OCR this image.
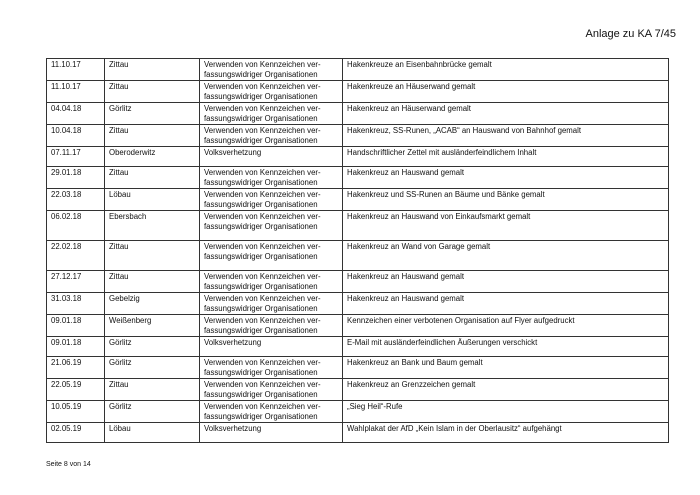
Anlage zu KA 7/45
11.10.17	Zittau	Verwenden von Kennzeichen ver-
fassungswidriger Organisationen	Hakenkreuze an Eisenbahnbrücke gemalt
11.10.17	Zittau	Verwenden von Kennzeichen ver-
fassungswidriger Organisationen	Hakenkreuze an Häuserwand gemalt
04.04.18	Görlitz	Verwenden von Kennzeichen ver-
fassungswidriger Organisationen	Hakenkreuz an Häuserwand gemalt
10.04.18	Zittau	Verwenden von Kennzeichen ver-
fassungswidriger Organisationen	Hakenkreuz, SS-Runen, „ACAB“ an Hauswand von Bahnhof gemalt
07.11.17	Oberoderwitz	Volksverhetzung	Handschriftlicher Zettel mit ausländerfeindlichem Inhalt
29.01.18	Zittau	Verwenden von Kennzeichen ver-
fassungswidriger Organisationen	Hakenkreuz an Hauswand gemalt
22.03.18	Löbau	Verwenden von Kennzeichen ver-
fassungswidriger Organisationen	Hakenkreuz und SS-Runen an Bäume und Bänke gemalt
06.02.18	Ebersbach	Verwenden von Kennzeichen ver-
fassungswidriger Organisationen	Hakenkreuz an Hauswand von Einkaufsmarkt gemalt
22.02.18	Zittau	Verwenden von Kennzeichen ver-
fassungswidriger Organisationen	Hakenkreuz an Wand von Garage gemalt
27.12.17	Zittau	Verwenden von Kennzeichen ver-
fassungswidriger Organisationen	Hakenkreuz an Hauswand gemalt
31.03.18	Gebelzig	Verwenden von Kennzeichen ver-
fassungswidriger Organisationen	Hakenkreuz an Hauswand gemalt
09.01.18	Weißenberg	Verwenden von Kennzeichen ver-
fassungswidriger Organisationen	Kennzeichen einer verbotenen Organisation auf Flyer aufgedruckt
09.01.18	Görlitz	Volksverhetzung	E-Mail mit ausländerfeindlichen Äußerungen verschickt
21.06.19	Görlitz	Verwenden von Kennzeichen ver-
fassungswidriger Organisationen	Hakenkreuz an Bank und Baum gemalt
22.05.19	Zittau	Verwenden von Kennzeichen ver-
fassungswidriger Organisationen	Hakenkreuz an Grenzzeichen gemalt
10.05.19	Görlitz	Verwenden von Kennzeichen ver-
fassungswidriger Organisationen	„Sieg Heil“-Rufe
02.05.19	Löbau	Volksverhetzung	Wahlplakat der AfD „Kein Islam in der Oberlausitz“ aufgehängt
Seite 8 von 14
